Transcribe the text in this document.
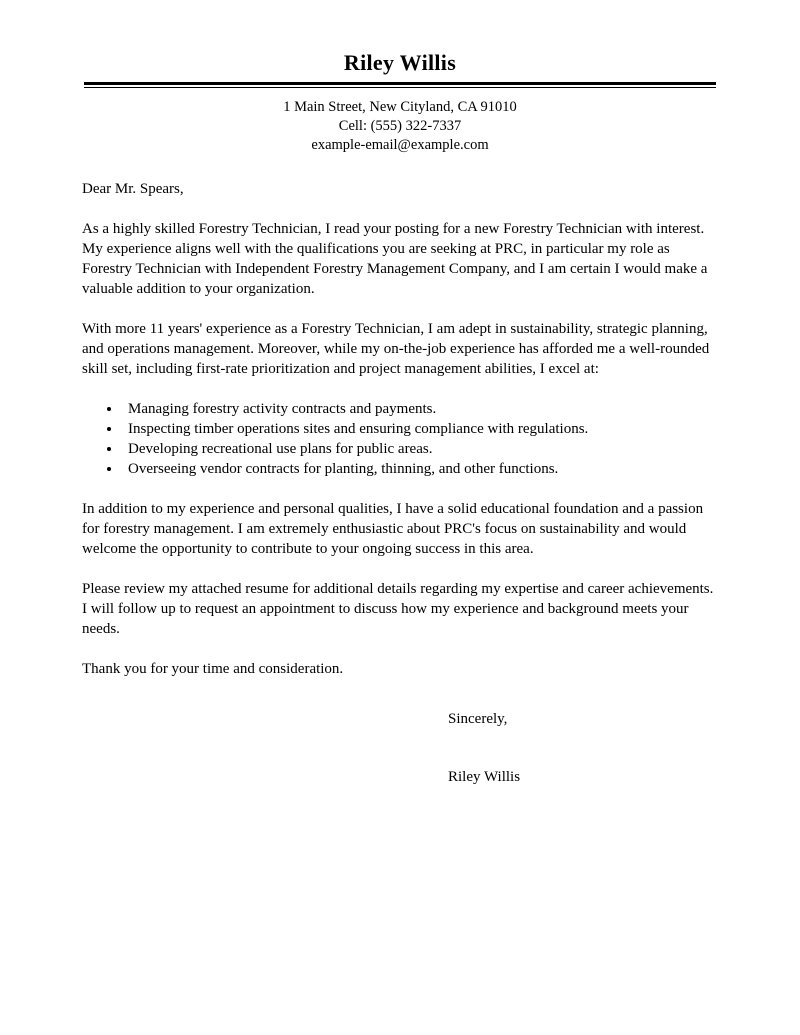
Riley Willis
1 Main Street, New Cityland, CA 91010
Cell: (555) 322-7337
example-email@example.com
Dear Mr. Spears,
As a highly skilled Forestry Technician, I read your posting for a new Forestry Technician with interest. My experience aligns well with the qualifications you are seeking at PRC, in particular my role as Forestry Technician with Independent Forestry Management Company, and I am certain I would make a valuable addition to your organization.
With more 11 years' experience as a Forestry Technician, I am adept in sustainability, strategic planning, and operations management. Moreover, while my on-the-job experience has afforded me a well-rounded skill set, including first-rate prioritization and project management abilities, I excel at:
• Managing forestry activity contracts and payments.
• Inspecting timber operations sites and ensuring compliance with regulations.
• Developing recreational use plans for public areas.
• Overseeing vendor contracts for planting, thinning, and other functions.
In addition to my experience and personal qualities, I have a solid educational foundation and a passion for forestry management. I am extremely enthusiastic about PRC's focus on sustainability and would welcome the opportunity to contribute to your ongoing success in this area.
Please review my attached resume for additional details regarding my expertise and career achievements. I will follow up to request an appointment to discuss how my experience and background meets your needs.
Thank you for your time and consideration.
Sincerely,
Riley Willis
